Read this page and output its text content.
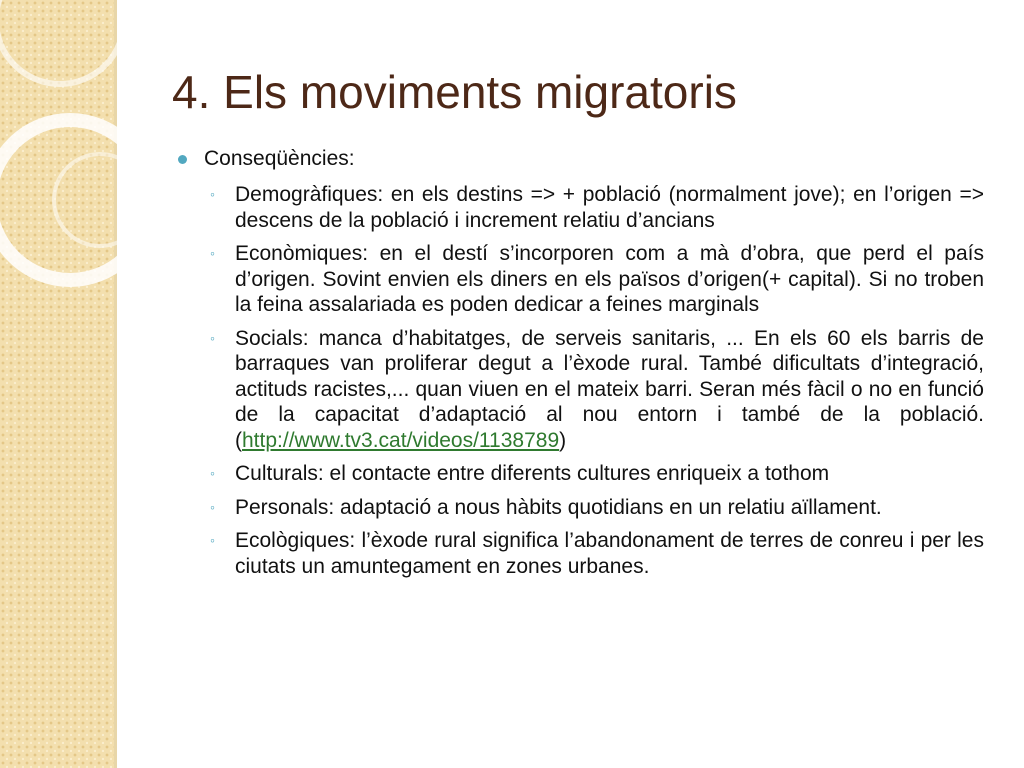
4. Els moviments migratoris
Conseqüències:
◦ Demogràfiques: en els destins => + població (normalment jove); en l’origen => descens de la població i increment relatiu d’ancians
◦ Econòmiques: en el destí s’incorporen com a mà d’obra, que perd el país d’origen. Sovint envien els diners en els països d’origen(+ capital). Si no troben la feina assalariada es poden dedicar a feines marginals
◦ Socials: manca d’habitatges, de serveis sanitaris, ... En els 60 els barris de barraques van proliferar degut a l’èxode rural. També dificultats d’integració, actituds racistes,... quan viuen en el mateix barri. Seran més fàcil o no en funció de la capacitat d’adaptació al nou entorn i també de la població. (http://www.tv3.cat/videos/1138789)
◦ Culturals: el contacte entre diferents cultures enriqueix a tothom
◦ Personals: adaptació a nous hàbits quotidians en un relatiu aïllament.
◦ Ecològiques: l’èxode rural significa l’abandonament de terres de conreu i per les ciutats un amuntegament en zones urbanes.
